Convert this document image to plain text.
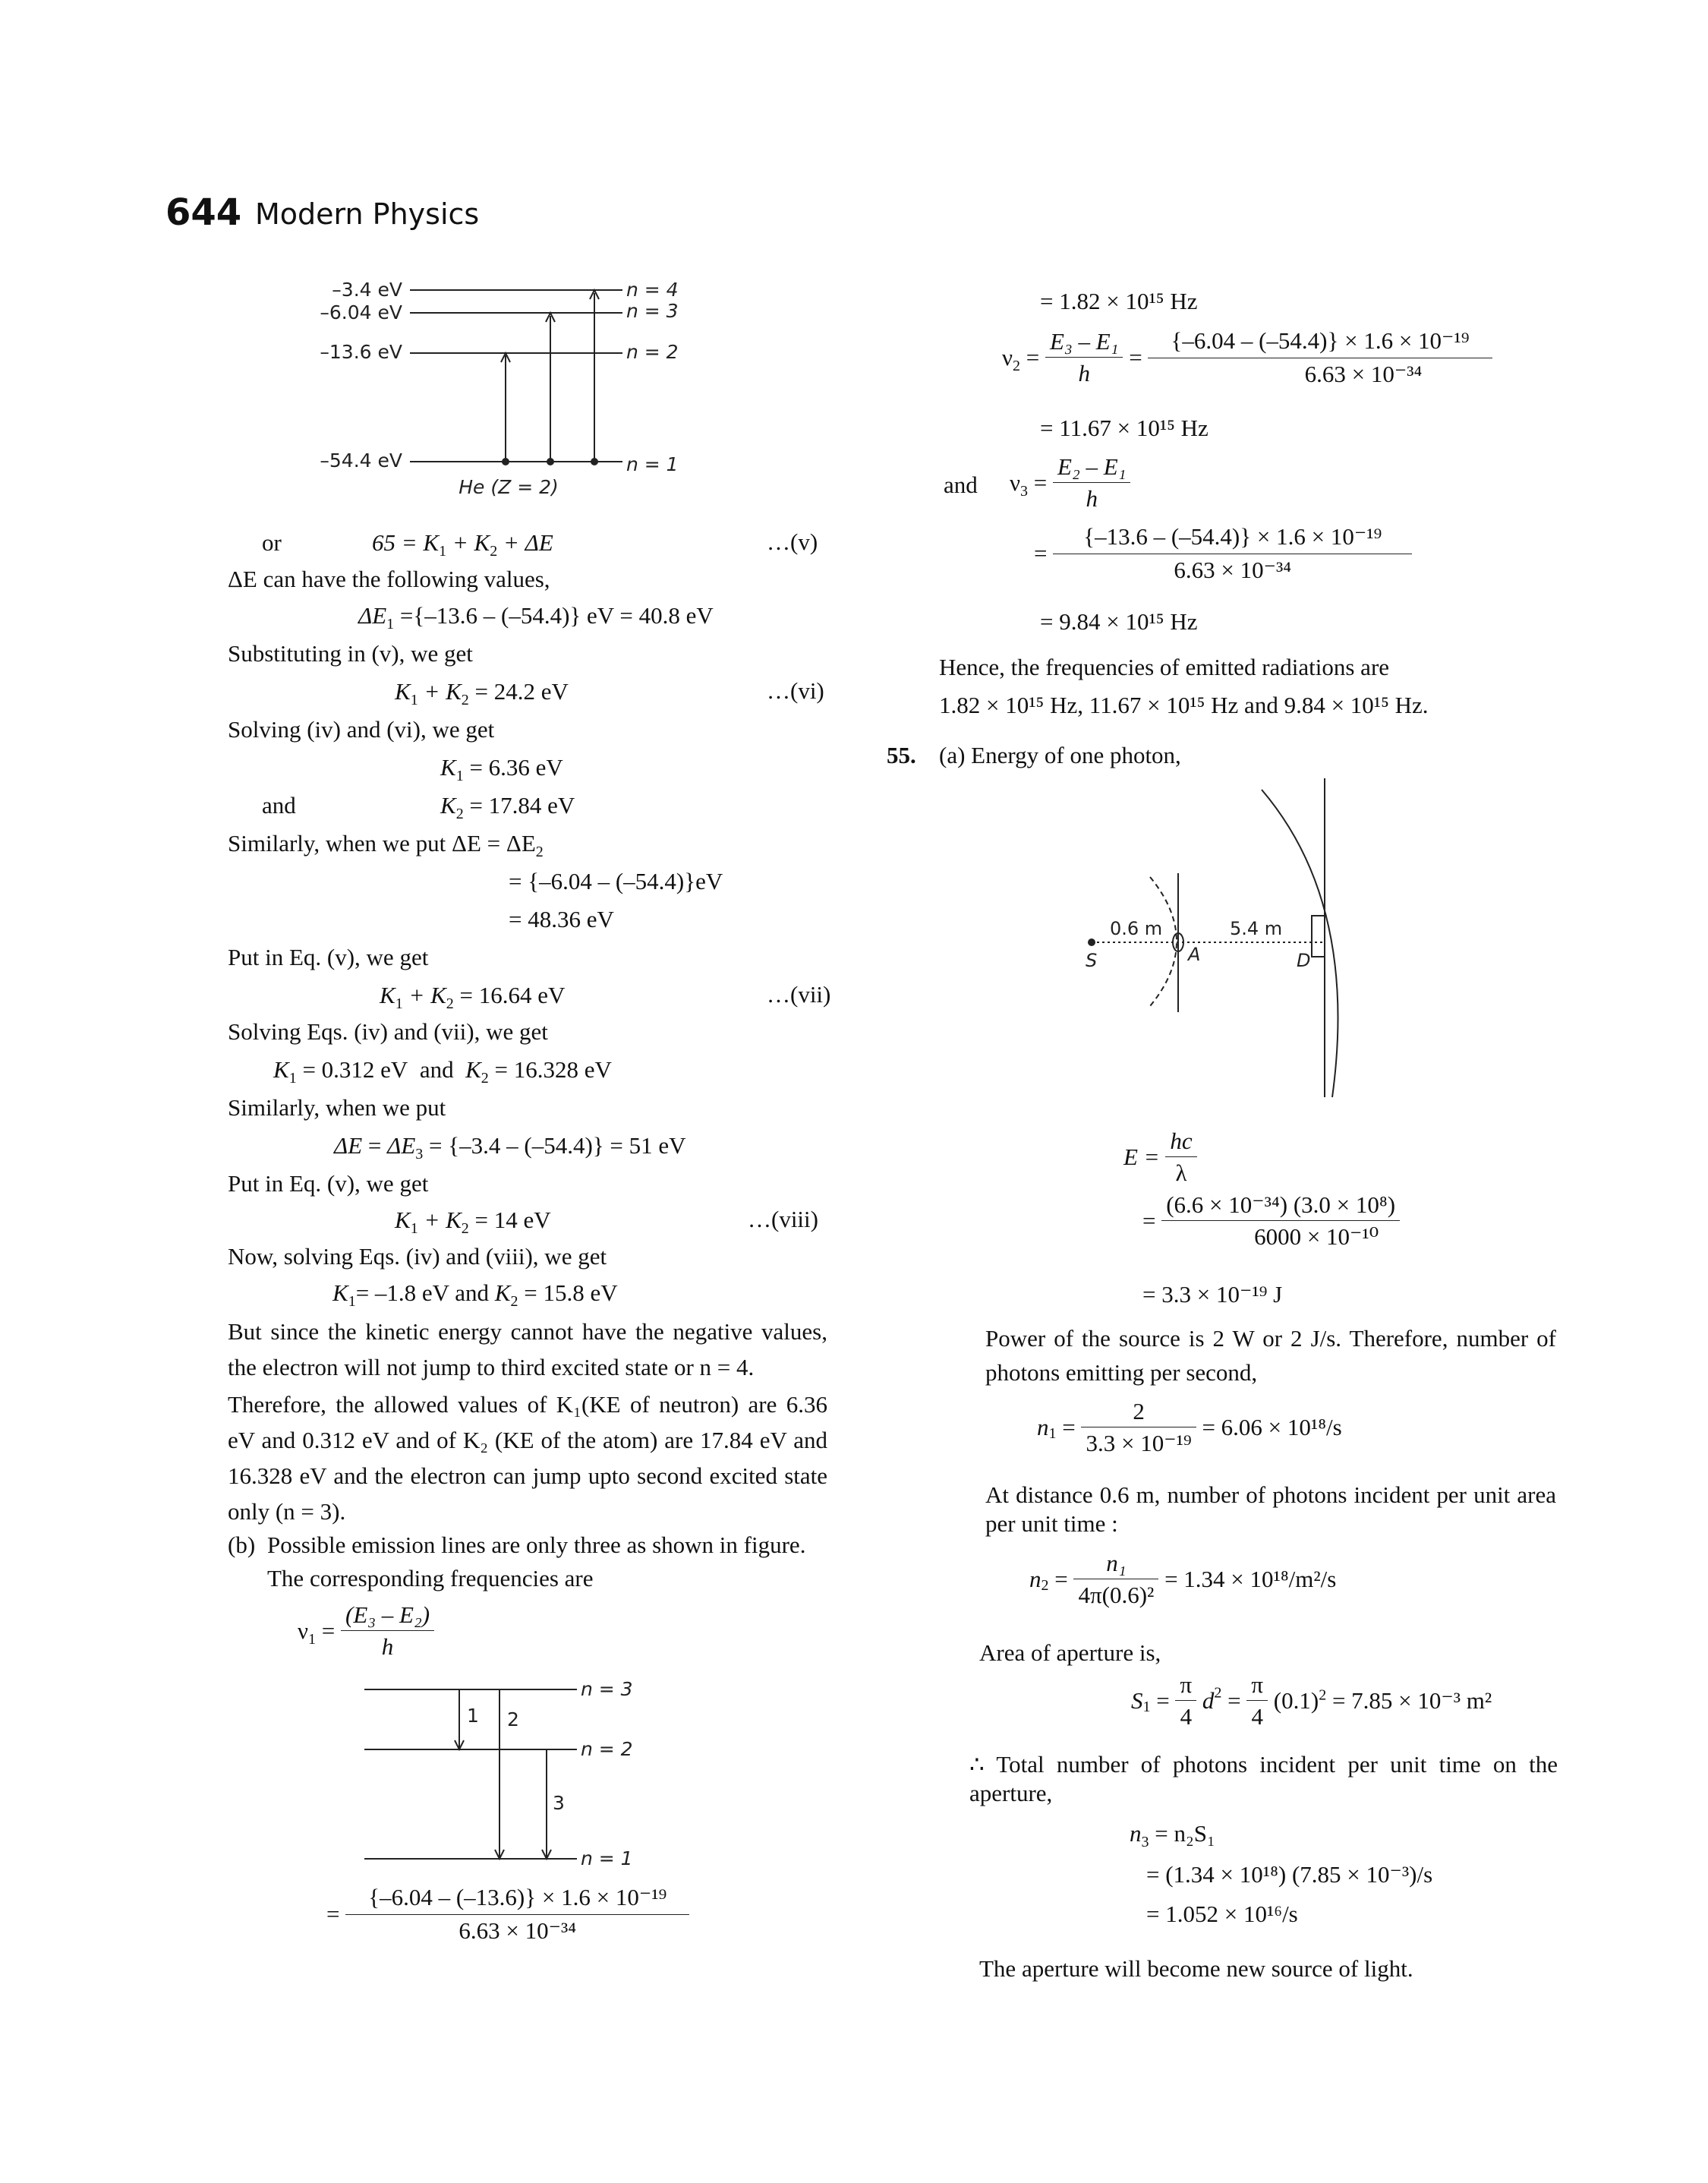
644 Modern Physics
–3.4 eV
–6.04 eV
–13.6 eV
–54.4 eV
n = 4
n = 3
n = 2
n = 1
He (Z = 2)
or	$65 = K_1 + K_2 + \Delta E$	…(v)
ΔE can have the following values,
$\Delta E_1 =\{-13.6 - (-54.4)\}$ eV = 40.8 eV
Substituting in (v), we get
$K_1 + K_2 = 24.2$ eV	…(vi)
Solving (iv) and (vi), we get
$K_1 = 6.36$ eV
and	$K_2 = 17.84$ eV
Similarly, when we put $\Delta E = \Delta E_2$
= {–6.04 – (–54.4)}eV
= 48.36 eV
Put in Eq. (v), we get
$K_1 + K_2 = 16.64$ eV	…(vii)
Solving Eqs. (iv) and (vii), we get
$K_1 = 0.312$ eV and $K_2 = 16.328$ eV
Similarly, when we put
$\Delta E = \Delta E_3 = \{-3.4 - (-54.4)\} = 51$ eV
Put in Eq. (v), we get
$K_1 + K_2 = 14$ eV	…(viii)
Now, solving Eqs. (iv) and (viii), we get
$K_1= -1.8$ eV and $K_2 = 15.8$ eV
But since the kinetic energy cannot have the negative values, the electron will not jump to third excited state or n = 4.
Therefore, the allowed values of K₁(KE of neutron) are 6.36 eV and 0.312 eV and of K₂ (KE of the atom) are 17.84 eV and 16.328 eV and the electron can jump upto second excited state only (n = 3).
(b) Possible emission lines are only three as shown in figure.
The corresponding frequencies are
$\nu_1 = \frac{\text{(E₃ – E₂)}}{h}$
n = 3
n = 2
n = 1
1 2
3
= $\frac{\text{\{–6.04 – (–13.6)\} × 1.6 × 10⁻¹⁹}}{\text{6.63 × 10⁻³⁴}}$
= 1.82 × 10¹⁵ Hz
$\nu_2 = \frac{\text{E₃ – E₁}}{h} = \frac{\text{\{–6.04 – (–54.4)\} × 1.6 × 10⁻¹⁹}}{\text{6.63 × 10⁻³⁴}}$
= 11.67 × 10¹⁵ Hz
and $\nu_3 = \frac{\text{E₂ – E₁}}{h}$
= $\frac{\text{\{–13.6 – (–54.4)\} × 1.6 × 10⁻¹⁹}}{\text{6.63 × 10⁻³⁴}}$
= 9.84 × 10¹⁵ Hz
Hence, the frequencies of emitted radiations are
1.82 × 10¹⁵ Hz, 11.67 × 10¹⁵ Hz and 9.84 × 10¹⁵ Hz.
55. (a) Energy of one photon,
0.6 m	5.4 m
S	A	D
$E = \frac{hc}{\lambda}$
= $\frac{\text{(6.6 × 10⁻³⁴) (3.0 × 10⁸)}}{\text{6000 × 10⁻¹⁰}}$
= 3.3 × 10⁻¹⁹ J
Power of the source is 2 W or 2 J/s. Therefore, number of photons emitting per second,
$n_1 = \frac{2}{\text{3.3 × 10⁻¹⁹}} = 6.06 \times 10^{18}/s$
At distance 0.6 m, number of photons incident per unit area per unit time :
$n_2 = \frac{\text{n₁}}{\text{4π(0.6)²}} = 1.34 \times 10^{18}/m^2/s$
Area of aperture is,
$S_1 = \frac{\pi}{4} d^2 = \frac{\pi}{4} (0.1)^2 = 7.85 \times 10^{-3}$ m²
∴ Total number of photons incident per unit time on the aperture,
$n_3 = n_2S_1$
= (1.34 × 10¹⁸) (7.85 × 10⁻³)/s
= 1.052 × 10¹⁶/s
The aperture will become new source of light.
